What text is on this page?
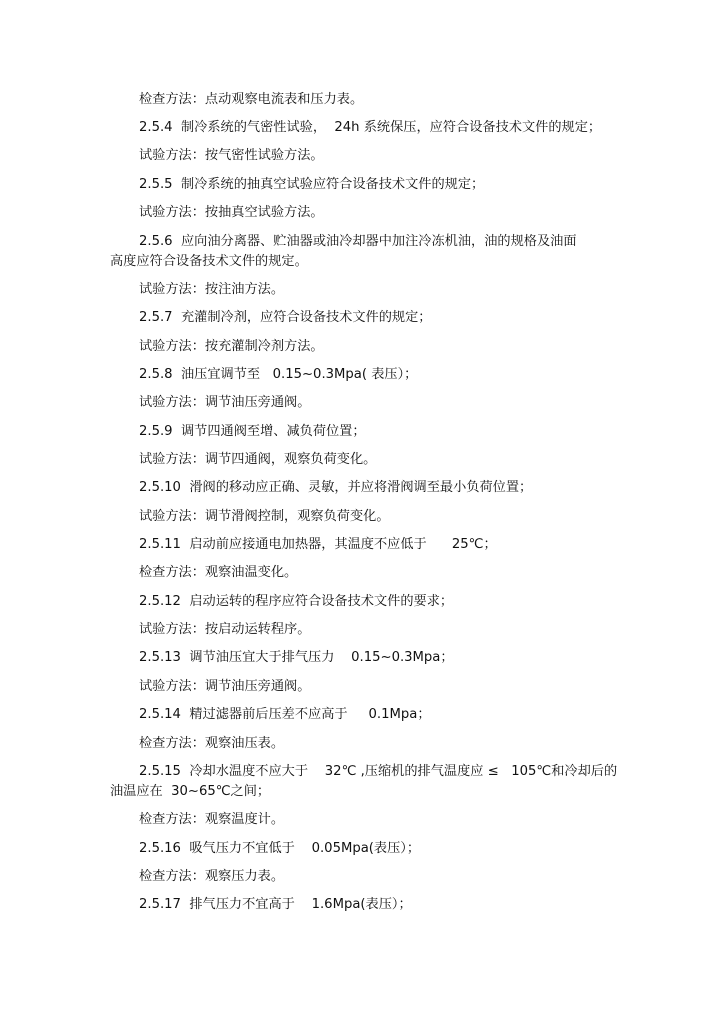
检查方法：点动观察电流表和压力表。
2.5.4  制冷系统的气密性试验，  24h 系统保压，应符合设备技术文件的规定；
试验方法：按气密性试验方法。
2.5.5  制冷系统的抽真空试验应符合设备技术文件的规定；
试验方法：按抽真空试验方法。
2.5.6  应向油分离器、贮油器或油冷却器中加注冷冻机油，油的规格及油面
高度应符合设备技术文件的规定。
试验方法：按注油方法。
2.5.7  充灌制冷剂，应符合设备技术文件的规定；
试验方法：按充灌制冷剂方法。
2.5.8  油压宜调节至   0.15~0.3Mpa( 表压）；
试验方法：调节油压旁通阀。
2.5.9  调节四通阀至增、减负荷位置；
试验方法：调节四通阀，观察负荷变化。
2.5.10  滑阀的移动应正确、灵敏，并应将滑阀调至最小负荷位置；
试验方法：调节滑阀控制，观察负荷变化。
2.5.11  启动前应接通电加热器，其温度不应低于      25℃；
检查方法：观察油温变化。
2.5.12  启动运转的程序应符合设备技术文件的要求；
试验方法：按启动运转程序。
2.5.13  调节油压宜大于排气压力    0.15~0.3Mpa；
试验方法：调节油压旁通阀。
2.5.14  精过滤器前后压差不应高于     0.1Mpa；
检查方法：观察油压表。
2.5.15  冷却水温度不应大于    32℃ ,压缩机的排气温度应 ≤   105℃和冷却后的
油温应在  30~65℃之间；
检查方法：观察温度计。
2.5.16  吸气压力不宜低于    0.05Mpa(表压）；
检查方法：观察压力表。
2.5.17  排气压力不宜高于    1.6Mpa(表压）；
